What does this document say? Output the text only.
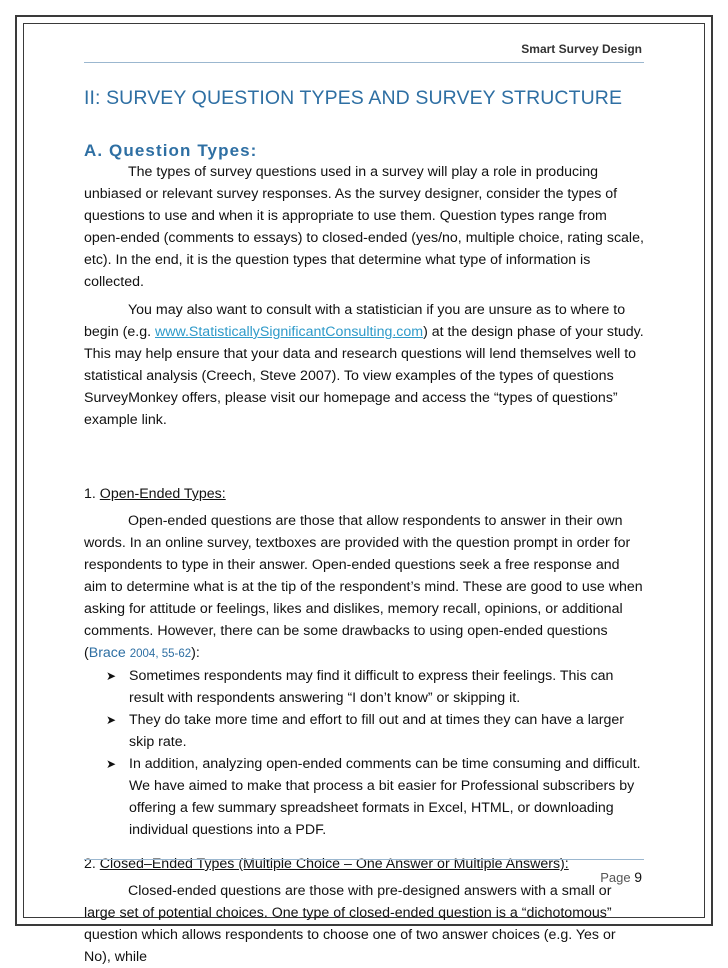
Smart Survey Design
II: SURVEY QUESTION TYPES AND SURVEY STRUCTURE
A. Question Types:

The types of survey questions used in a survey will play a role in producing unbiased or relevant survey responses. As the survey designer, consider the types of questions to use and when it is appropriate to use them. Question types range from open-ended (comments to essays) to closed-ended (yes/no, multiple choice, rating scale, etc). In the end, it is the question types that determine what type of information is collected.

You may also want to consult with a statistician if you are unsure as to where to begin (e.g. www.StatisticallySignificantConsulting.com) at the design phase of your study. This may help ensure that your data and research questions will lend themselves well to statistical analysis (Creech, Steve 2007). To view examples of the types of questions SurveyMonkey offers, please visit our homepage and access the “types of questions” example link.

1. Open-Ended Types:

Open-ended questions are those that allow respondents to answer in their own words. In an online survey, textboxes are provided with the question prompt in order for respondents to type in their answer. Open-ended questions seek a free response and aim to determine what is at the tip of the respondent’s mind. These are good to use when asking for attitude or feelings, likes and dislikes, memory recall, opinions, or additional comments. However, there can be some drawbacks to using open-ended questions (Brace 2004, 55-62):

➤ Sometimes respondents may find it difficult to express their feelings. This can result with respondents answering “I don’t know” or skipping it.
➤ They do take more time and effort to fill out and at times they can have a larger skip rate.
➤ In addition, analyzing open-ended comments can be time consuming and difficult. We have aimed to make that process a bit easier for Professional subscribers by offering a few summary spreadsheet formats in Excel, HTML, or downloading individual questions into a PDF.

2. Closed–Ended Types (Multiple Choice – One Answer or Multiple Answers):

Closed-ended questions are those with pre-designed answers with a small or large set of potential choices. One type of closed-ended question is a “dichotomous” question which allows respondents to choose one of two answer choices (e.g. Yes or No), while

Page 9
